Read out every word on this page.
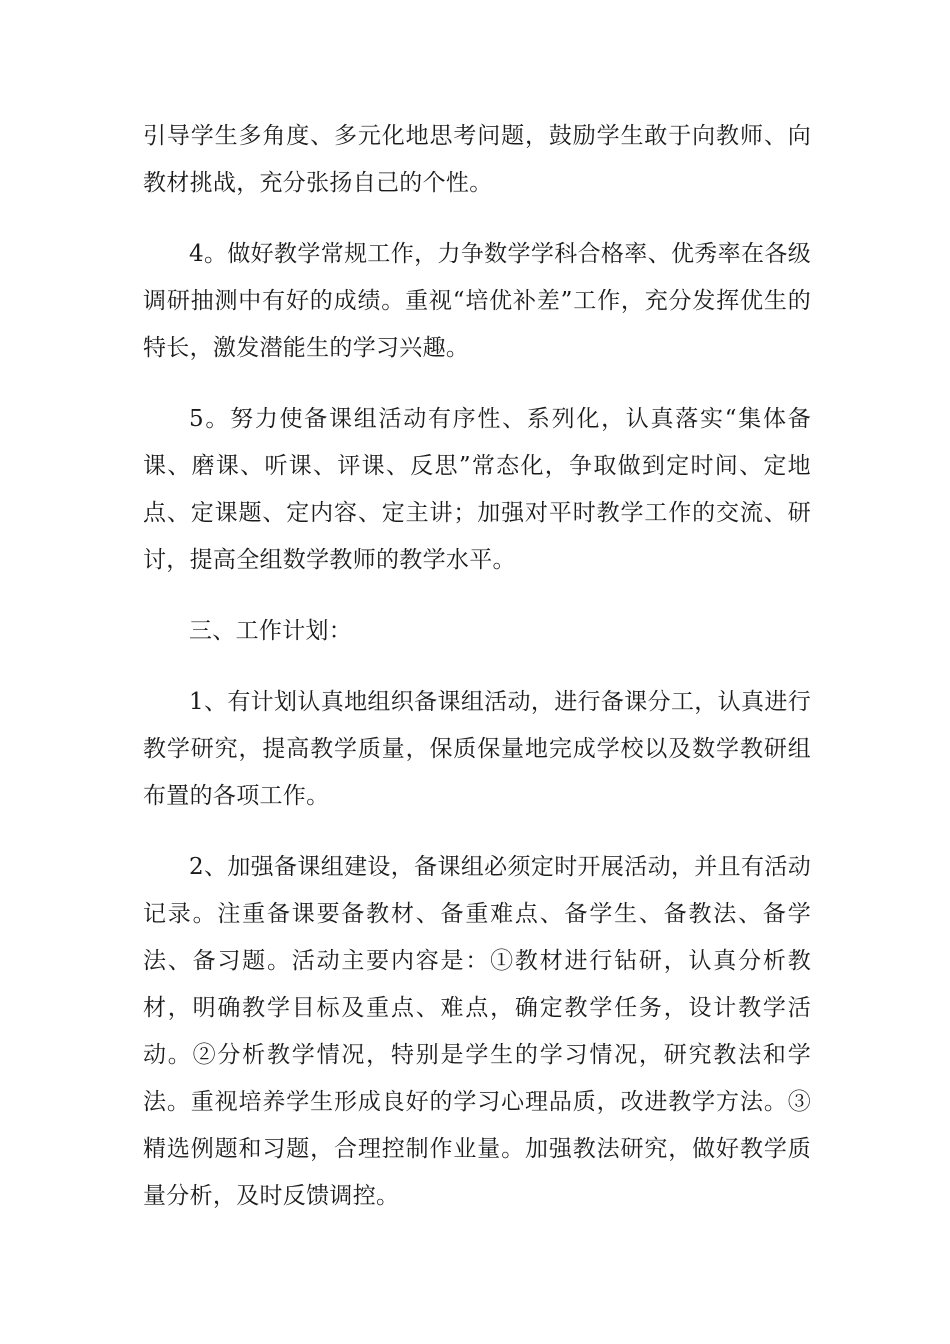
引导学生多角度、多元化地思考问题，鼓励学生敢于向教师、向教材挑战，充分张扬自己的个性。

4。做好教学常规工作，力争数学学科合格率、优秀率在各级调研抽测中有好的成绩。重视“培优补差”工作，充分发挥优生的特长，激发潜能生的学习兴趣。

5。努力使备课组活动有序性、系列化，认真落实“集体备课、磨课、听课、评课、反思”常态化，争取做到定时间、定地点、定课题、定内容、定主讲；加强对平时教学工作的交流、研讨，提高全组数学教师的教学水平。

三、工作计划：

1、有计划认真地组织备课组活动，进行备课分工，认真进行教学研究，提高教学质量，保质保量地完成学校以及数学教研组布置的各项工作。

2、加强备课组建设，备课组必须定时开展活动，并且有活动记录。注重备课要备教材、备重难点、备学生、备教法、备学法、备习题。活动主要内容是：①教材进行钻研，认真分析教材，明确教学目标及重点、难点，确定教学任务，设计教学活动。②分析教学情况，特别是学生的学习情况，研究教法和学法。重视培养学生形成良好的学习心理品质，改进教学方法。③精选例题和习题，合理控制作业量。加强教法研究，做好教学质量分析，及时反馈调控。
